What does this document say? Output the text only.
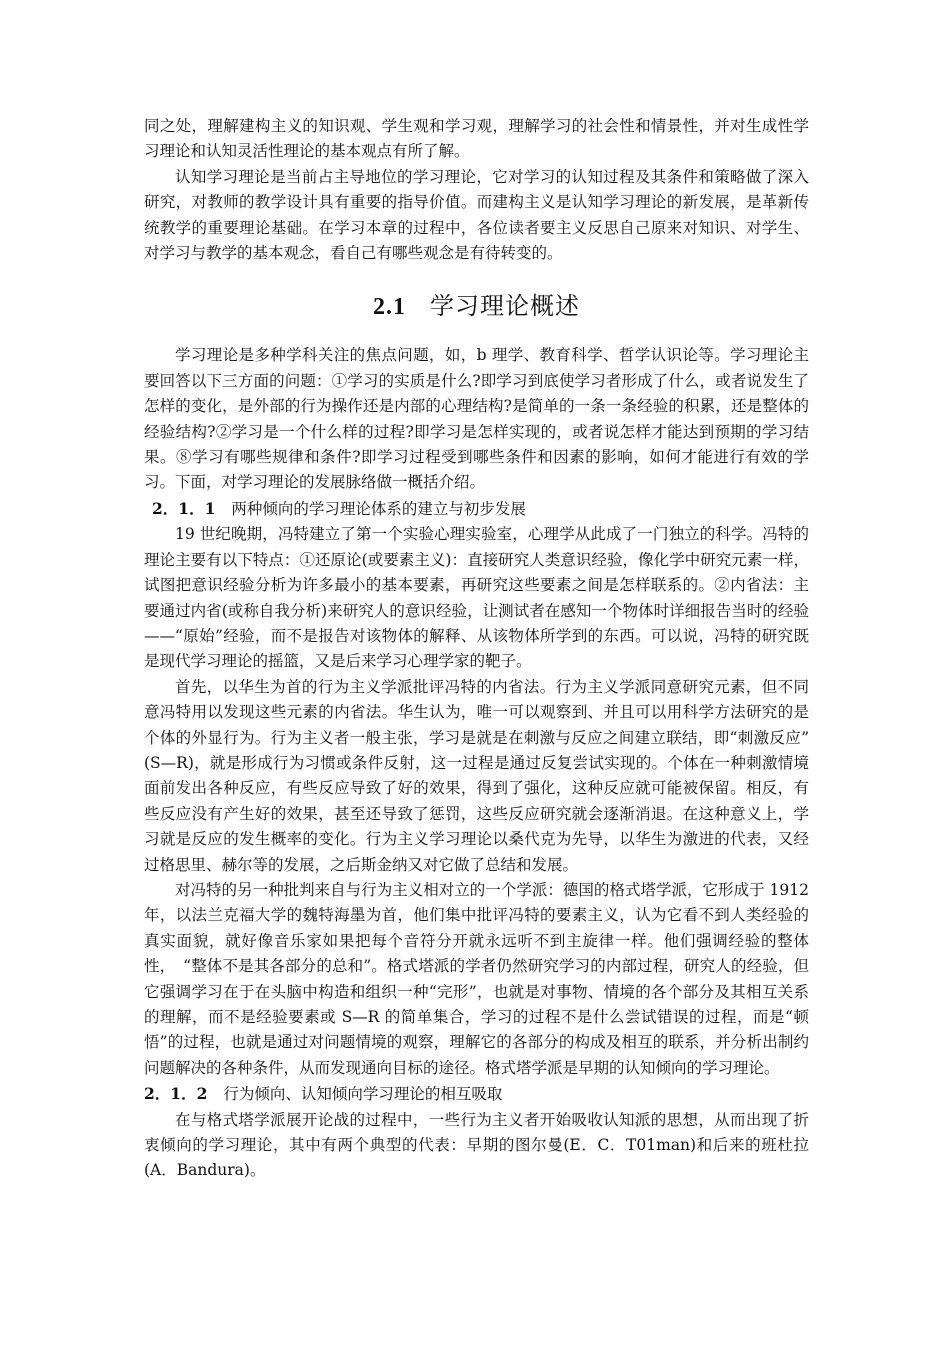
同之处，理解建构主义的知识观、学生观和学习观，理解学习的社会性和情景性，并对生成性学习理论和认知灵活性理论的基本观点有所了解。

认知学习理论是当前占主导地位的学习理论，它对学习的认知过程及其条件和策略做了深入研究，对教师的教学设计具有重要的指导价值。而建构主义是认知学习理论的新发展，是革新传统教学的重要理论基础。在学习本章的过程中，各位读者要主义反思自己原来对知识、对学生、对学习与教学的基本观念，看自己有哪些观念是有待转变的。

2.1 学习理论概述

学习理论是多种学科关注的焦点问题，如，b 理学、教育科学、哲学认识论等。学习理论主要回答以下三方面的问题：①学习的实质是什么?即学习到底使学习者形成了什么，或者说发生了怎样的变化，是外部的行为操作还是内部的心理结构?是简单的一条一条经验的积累，还是整体的经验结构?②学习是一个什么样的过程?即学习是怎样实现的，或者说怎样才能达到预期的学习结果。⑧学习有哪些规律和条件?即学习过程受到哪些条件和因素的影响，如何才能进行有效的学习。下面，对学习理论的发展脉络做一概括介绍。

2．1．1 两种倾向的学习理论体系的建立与初步发展

19 世纪晚期，冯特建立了第一个实验心理实验室，心理学从此成了一门独立的科学。冯特的理论主要有以下特点：①还原论(或要素主义)：直接研究人类意识经验，像化学中研究元素一样，试图把意识经验分析为许多最小的基本要素，再研究这些要素之间是怎样联系的。②内省法：主要通过内省(或称自我分析)来研究人的意识经验，让测试者在感知一个物体时详细报告当时的经验——“原始”经验，而不是报告对该物体的解释、从该物体所学到的东西。可以说，冯特的研究既是现代学习理论的摇篮，又是后来学习心理学家的靶子。

首先，以华生为首的行为主义学派批评冯特的内省法。行为主义学派同意研究元素，但不同意冯特用以发现这些元素的内省法。华生认为，唯一可以观察到、并且可以用科学方法研究的是个体的外显行为。行为主义者一般主张，学习是就是在刺激与反应之间建立联结，即“刺激反应”　(S—R)，就是形成行为习惯或条件反射，这一过程是通过反复尝试实现的。个体在一种刺激情境面前发出各种反应，有些反应导致了好的效果，得到了强化，这种反应就可能被保留。相反，有些反应没有产生好的效果，甚至还导致了惩罚，这些反应研究就会逐渐消退。在这种意义上，学习就是反应的发生概率的变化。行为主义学习理论以桑代克为先导，以华生为激进的代表，又经过格思里、赫尔等的发展，之后斯金纳又对它做了总结和发展。

对冯特的另一种批判来自与行为主义相对立的一个学派：德国的格式塔学派，它形成于 1912 年，以法兰克福大学的魏特海墨为首，他们集中批评冯特的要素主义，认为它看不到人类经验的真实面貌，就好像音乐家如果把每个音符分开就永远听不到主旋律一样。他们强调经验的整体性，　“整体不是其各部分的总和”。格式塔派的学者仍然研究学习的内部过程，研究人的经验，但它强调学习在于在头脑中构造和组织一种“完形”，也就是对事物、情境的各个部分及其相互关系的理解，而不是经验要素或 S—R 的简单集合，学习的过程不是什么尝试错误的过程，而是“顿悟”的过程，也就是通过对问题情境的观察，理解它的各部分的构成及相互的联系，并分析出制约问题解决的各种条件，从而发现通向目标的途径。格式塔学派是早期的认知倾向的学习理论。

2．1．2 行为倾向、认知倾向学习理论的相互吸取

在与格式塔学派展开论战的过程中，一些行为主义者开始吸收认知派的思想，从而出现了折衷倾向的学习理论，其中有两个典型的代表：早期的图尔曼(E．C．T01man)和后来的班杜拉(A．Bandura)。
